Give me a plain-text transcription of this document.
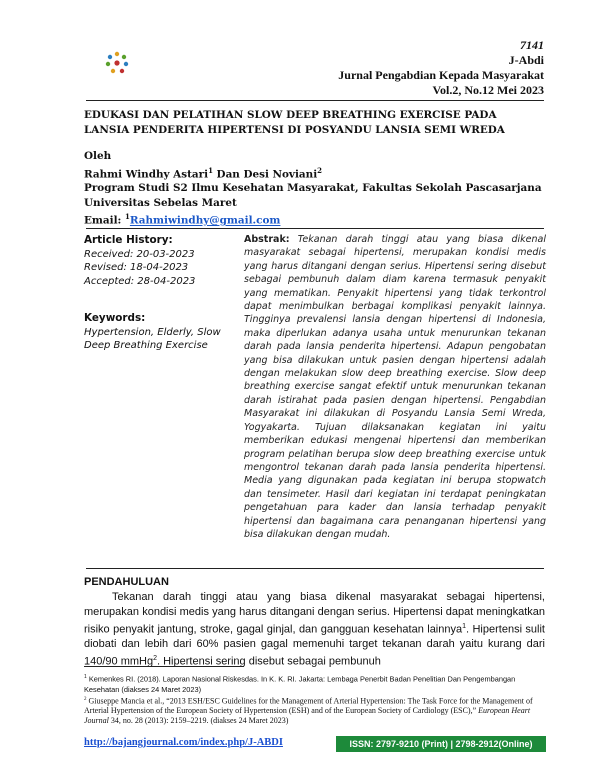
7141
J-Abdi
Jurnal Pengabdian Kepada Masyarakat
Vol.2, No.12 Mei 2023
EDUKASI DAN PELATIHAN SLOW DEEP BREATHING EXERCISE PADA LANSIA PENDERITA HIPERTENSI DI POSYANDU LANSIA SEMI WREDA
Oleh
Rahmi Windhy Astari$^1$ Dan Desi Noviani$^2$
Program Studi S2 Ilmu Kesehatan Masyarakat, Fakultas Sekolah Pascasarjana
Universitas Sebelas Maret
Email: $^1$Rahmiwindhy@gmail.com
Article History:
Received: 20-03-2023
Revised: 18-04-2023
Accepted: 28-04-2023
Keywords:
Hypertension, Elderly, Slow Deep Breathing Exercise
Abstrak: Tekanan darah tinggi atau yang biasa dikenal masyarakat sebagai hipertensi, merupakan kondisi medis yang harus ditangani dengan serius. Hipertensi sering disebut sebagai pembunuh dalam diam karena termasuk penyakit yang mematikan. Penyakit hipertensi yang tidak terkontrol dapat menimbulkan berbagai komplikasi penyakit lainnya. Tingginya prevalensi lansia dengan hipertensi di Indonesia, maka diperlukan adanya usaha untuk menurunkan tekanan darah pada lansia penderita hipertensi. Adapun pengobatan yang bisa dilakukan untuk pasien dengan hipertensi adalah dengan melakukan slow deep breathing exercise. Slow deep breathing exercise sangat efektif untuk menurunkan tekanan darah istirahat pada pasien dengan hipertensi. Pengabdian Masyarakat ini dilakukan di Posyandu Lansia Semi Wreda, Yogyakarta. Tujuan dilaksanakan kegiatan ini yaitu memberikan edukasi mengenai hipertensi dan memberikan program pelatihan berupa slow deep breathing exercise untuk mengontrol tekanan darah pada lansia penderita hipertensi. Media yang digunakan pada kegiatan ini berupa stopwatch dan tensimeter. Hasil dari kegiatan ini terdapat peningkatan pengetahuan para kader dan lansia terhadap penyakit hipertensi dan bagaimana cara penanganan hipertensi yang bisa dilakukan dengan mudah.
PENDAHULUAN
Tekanan darah tinggi atau yang biasa dikenal masyarakat sebagai hipertensi, merupakan kondisi medis yang harus ditangani dengan serius. Hipertensi dapat meningkatkan risiko penyakit jantung, stroke, gagal ginjal, dan gangguan kesehatan lainnya$^1$. Hipertensi sulit diobati dan lebih dari 60% pasien gagal memenuhi target tekanan darah yaitu kurang dari 140/90 mmHg$^2$. Hipertensi sering disebut sebagai pembunuh
$^1$ Kemenkes RI. (2018). Laporan Nasional Riskesdas. In K. K. RI. Jakarta: Lembaga Penerbit Badan Penelitian Dan Pengembangan Kesehatan (diakses 24 Maret 2023)
$^2$ Giuseppe Mancia et al., “2013 ESH/ESC Guidelines for the Management of Arterial Hypertension: The Task Force for the Management of Arterial Hypertension of the European Society of Hypertension (ESH) and of the European Society of Cardiology (ESC),” European Heart Journal 34, no. 28 (2013): 2159–2219. (diakses 24 Maret 2023)
http://bajangjournal.com/index.php/J-ABDI	ISSN: 2797-9210 (Print) | 2798-2912(Online)
